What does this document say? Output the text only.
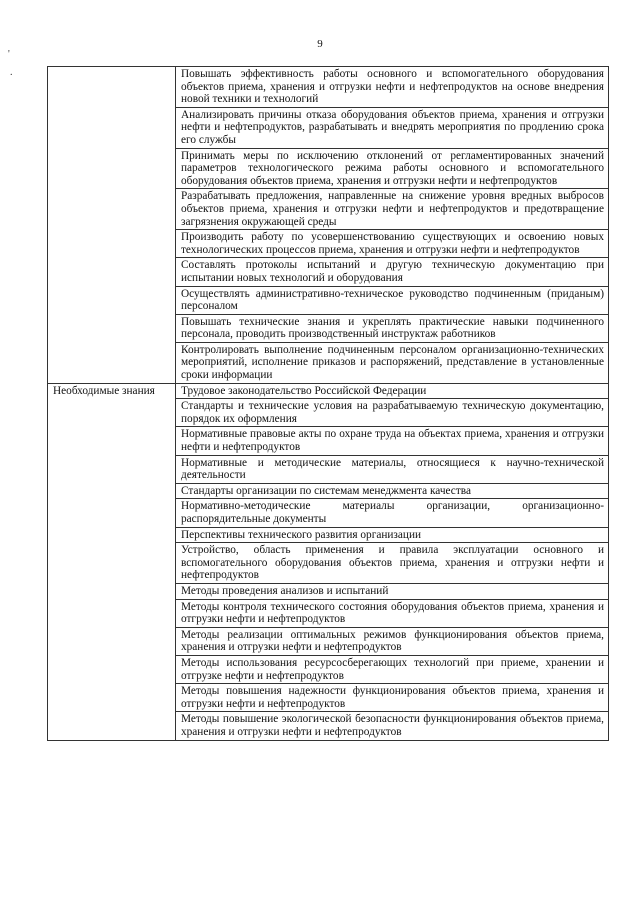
9
'
.

	Повышать эффективность работы основного и вспомогательного оборудования объектов приема, хранения и отгрузки нефти и нефтепродуктов на основе внедрения новой техники и технологий

	Анализировать причины отказа оборудования объектов приема, хранения и отгрузки нефти и нефтепродуктов, разрабатывать и внедрять мероприятия по продлению срока его службы

	Принимать меры по исключению отклонений от регламентированных значений параметров технологического режима работы основного и вспомогательного оборудования объектов приема, хранения и отгрузки нефти и нефтепродуктов

	Разрабатывать предложения, направленные на снижение уровня вредных выбросов объектов приема, хранения и отгрузки нефти и нефтепродуктов и предотвращение загрязнения окружающей среды

	Производить работу по усовершенствованию существующих и освоению новых технологических процессов приема, хранения и отгрузки нефти и нефтепродуктов

	Составлять протоколы испытаний и другую техническую документацию при испытании новых технологий и оборудования

	Осуществлять административно-техническое руководство подчиненным (приданым) персоналом

	Повышать технические знания и укреплять практические навыки подчиненного персонала, проводить производственный инструктаж работников

	Контролировать выполнение подчиненным персоналом организационно-технических мероприятий, исполнение приказов и распоряжений, представление в установленные сроки информации

Необходимые знания	Трудовое законодательство Российской Федерации

	Стандарты и технические условия на разрабатываемую техническую документацию, порядок их оформления

	Нормативные правовые акты по охране труда на объектах приема, хранения и отгрузки нефти и нефтепродуктов

	Нормативные и методические материалы, относящиеся к научно-технической деятельности

	Стандарты организации по системам менеджмента качества

	Нормативно-методические материалы организации, организационно-распорядительные документы

	Перспективы технического развития организации

	Устройство, область применения и правила эксплуатации основного и вспомогательного оборудования объектов приема, хранения и отгрузки нефти и нефтепродуктов

	Методы проведения анализов и испытаний

	Методы контроля технического состояния оборудования объектов приема, хранения и отгрузки нефти и нефтепродуктов

	Методы реализации оптимальных режимов функционирования объектов приема, хранения и отгрузки нефти и нефтепродуктов

	Методы использования ресурсосберегающих технологий при приеме, хранении и отгрузке нефти и нефтепродуктов

	Методы повышения надежности функционирования объектов приема, хранения и отгрузки нефти и нефтепродуктов

	Методы повышение экологической безопасности функционирования объектов приема, хранения и отгрузки нефти и нефтепродуктов
